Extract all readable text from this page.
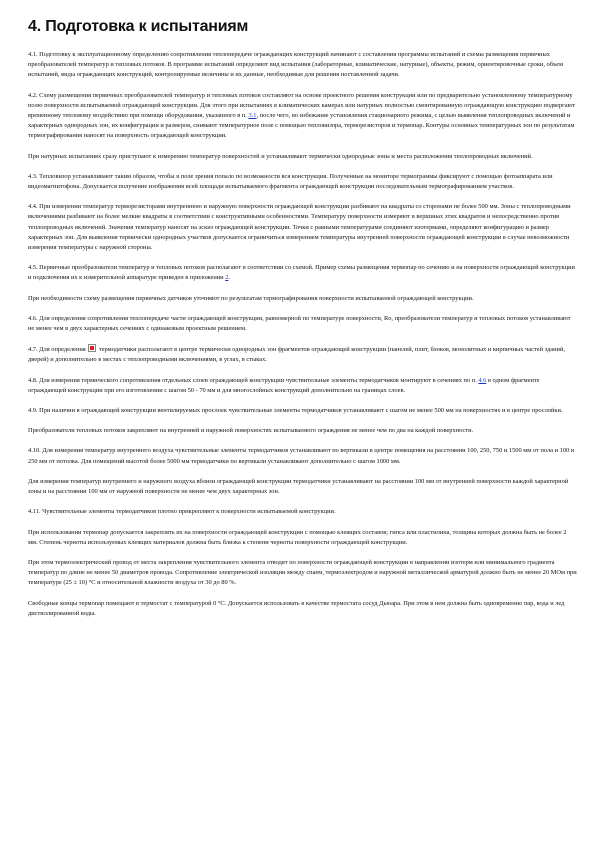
4. Подготовка к испытаниям

4.1. Подготовку к эксплуатационному определению сопротивления теплопередаче ограждающих конструкций начинают с составления программы испытаний и схемы размещения первичных преобразователей температур и тепловых потоков. В программе испытаний определяют вид испытания (лабораторные, климатические, натурные), объекты, режим, ориентировочные сроки, объем испытаний, виды ограждающих конструкций, контролируемые величины и их данные, необходимые для решения поставленной задачи.

4.2. Схему размещения первичных преобразователей температур и тепловых потоков составляют на основе проектного решения конструкции или по предварительно установленному температурному полю поверхности испытываемой ограждающей конструкции. Для этого при испытаниях в климатических камерах или натурных полностью смонтированную ограждающую конструкцию подвергают временному тепловому воздействию при помощи оборудования, указанного в п. 3.1, после чего, во избежание установления стационарного режима, с целью выявления теплопроводных включений и характерных однородных зон, их конфигурации и размеров, снимают температурное поле с помощью тепловизора, терморезисторов и термопар. Контуры основных температурных зон по результатам термографирования наносят на поверхность ограждающей конструкции.

При натурных испытаниях сразу приступают к измерению температур поверхностей и устанавливают термически однородные зоны и места расположения теплопроводных включений.

4.3. Тепловизор устанавливают таким образом, чтобы в поле зрения попало по возможности вся конструкция. Полученные на мониторе термограммы фиксируют с помощью фотоаппарата или видеомагнитофона. Допускается получение изображения всей площади испытываемого фрагмента ограждающей конструкции последовательным термографированием участков.

4.4. При измерении температур терморезисторами внутреннюю и наружную поверхности ограждающей конструкции разбивают на квадраты со сторонами не более 500 мм. Зоны с теплопроводными включениями разбивают на более мелкие квадраты в соответствии с конструктивными особенностями. Температуру поверхности измеряют в вершинах этих квадратов и непосредственно против теплопроводных включений. Значения температур наносят на эскиз ограждающей конструкции. Точки с равными температурами соединяют изотермами, определяют конфигурацию и размер характерных зон. Для выявления термически однородных участков допускается ограничиться измерением температуры внутренней поверхности ограждающей конструкции в случае невозможности измерения температуры с наружной стороны.

4.5. Первичные преобразователи температур и тепловых потоков располагают в соответствии со схемой. Пример схемы размещения термопар по сечению и на поверхности ограждающей конструкции и подключения их к измерительной аппаратуре приведен в приложении 2.

При необходимости схему размещения первичных датчиков уточняют по результатам термографирования поверхности испытываемой ограждающей конструкции.

4.6. Для определения сопротивления теплопередаче части ограждающей конструкции, равномерной по температуре поверхности, Ro, преобразователи температур и тепловых потоков устанавливают не менее чем в двух характерных сечениях с одинаковым проектным решением.

4.7. Для определения  термодатчики располагают в центре термически однородных зон фрагментов ограждающей конструкции (панелей, плит, блоков, монолитных и кирпичных частей зданий, дверей) и дополнительно в местах с теплопроводными включениями, в углах, в стыках.

4.8. Для измерения термического сопротивления отдельных слоев ограждающей конструкции чувствительные элементы термодатчиков монтируют в сечениях по п. 4.6 в одном фрагменте ограждающей конструкции при его изготовлении с шагом 50 - 70 мм и для многослойных конструкций дополнительно на границах слоев.

4.9. При наличии в ограждающей конструкции вентилируемых прослоек чувствительные элементы термодатчиков устанавливают с шагом не менее 500 мм на поверхностях и в центре прослойки.

Преобразователи тепловых потоков закрепляют на внутренней и наружной поверхностях испытываемого ограждения не менее чем по два на каждой поверхности.

4.10. Для измерения температур внутреннего воздуха чувствительные элементы термодатчиков устанавливают по вертикали в центре помещения на расстоянии 100, 250, 750 и 1500 мм от пола и 100 и 250 мм от потолка. Для помещений высотой более 5000 мм термодатчики по вертикали устанавливают дополнительно с шагом 1000 мм.

Для измерения температур внутреннего и наружного воздуха вблизи ограждающей конструкции термодатчики устанавливают на расстоянии 100 мм от внутренней поверхности каждой характерной зоны и на расстоянии 100 мм от наружной поверхности не менее чем двух характерных зон.

4.11. Чувствительные элементы термодатчиков плотно прикрепляют к поверхности испытываемой конструкции.

При использовании термопар допускается закреплять их на поверхности ограждающей конструкции с помощью клеящих составов; гипса или пластилина, толщина которых должна быть не более 2 мм. Степень черноты используемых клеящих материалов должна быть близка к степени черноты поверхности ограждающей конструкции.

При этом термоэлектрический провод от места закрепления чувствительного элемента отводят по поверхности ограждающей конструкции в направлении изотерм или минимального градиента температур по длине не менее 50 диаметров провода. Сопротивление электрической изоляции между спаем, термоэлектродом и наружной металлической арматурой должно быть не менее 20 МОм при температуре (25 ± 10) °С и относительной влажности воздуха от 30 до 80 %.

Свободные концы термопар помещают в термостат с температурой 0 °С. Допускается использовать в качестве термостата сосуд Дьюара. При этом в нем должна быть одновременно пар, вода и лед дистиллированной воды.
